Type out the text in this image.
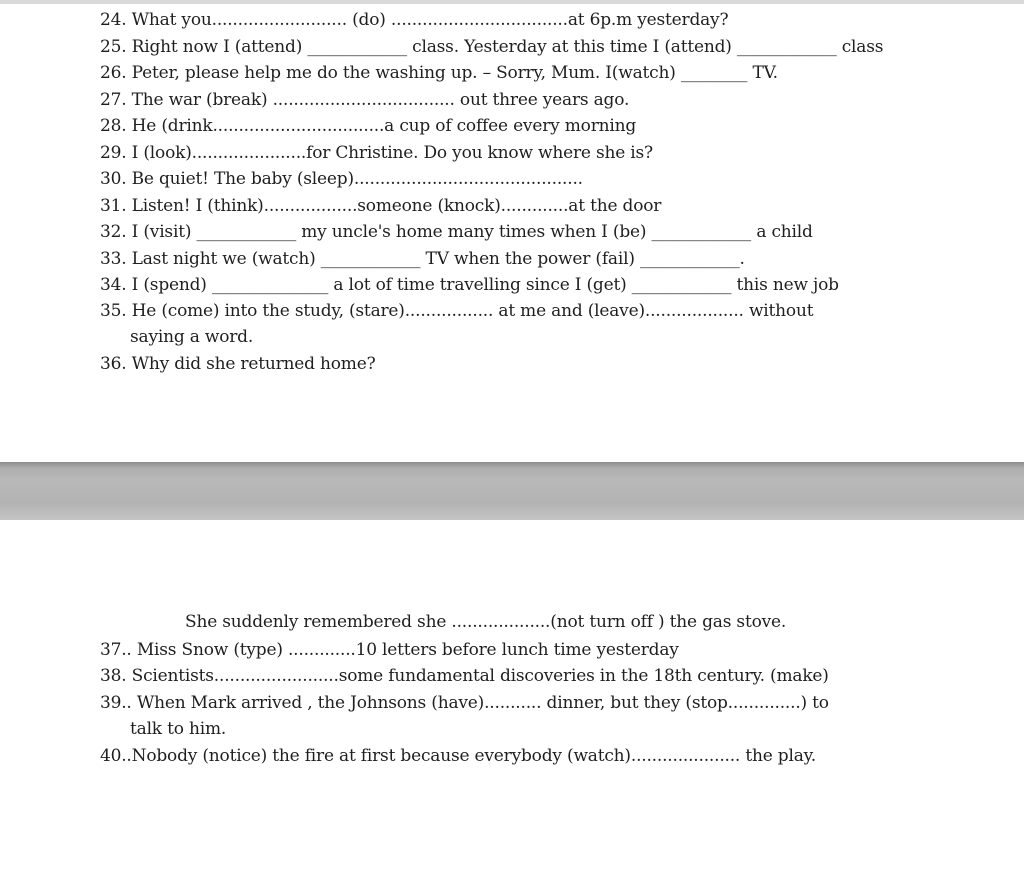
24. What you.......................... (do) ..................................at 6p.m yesterday?
25. Right now I (attend) ____________ class. Yesterday at this time I (attend) ____________ class
26. Peter, please help me do the washing up. – Sorry, Mum. I(watch) ________ TV.
27. The war (break) ................................... out three years ago.
28. He (drink.................................a cup of coffee every morning
29. I (look)......................for Christine. Do you know where she is?
30. Be quiet! The baby (sleep)............................................
31. Listen! I (think)..................someone (knock).............at the door
32. I (visit) ____________ my uncle's home many times when I (be) ____________ a child
33. Last night we (watch) ____________ TV when the power (fail) ____________.
34. I (spend) ______________ a lot of time travelling since I (get) ____________ this new job
35. He (come) into the study, (stare)................. at me and (leave)................... without
saying a word.
36. Why did she returned home?
She suddenly remembered she ...................(not turn off ) the gas stove.
37.. Miss Snow (type) .............10 letters before lunch time yesterday
38. Scientists........................some fundamental discoveries in the 18th century. (make)
39.. When Mark arrived , the Johnsons (have)........... dinner, but they (stop..............) to
talk to him.
40..Nobody (notice) the fire at first because everybody (watch)..................... the play.
